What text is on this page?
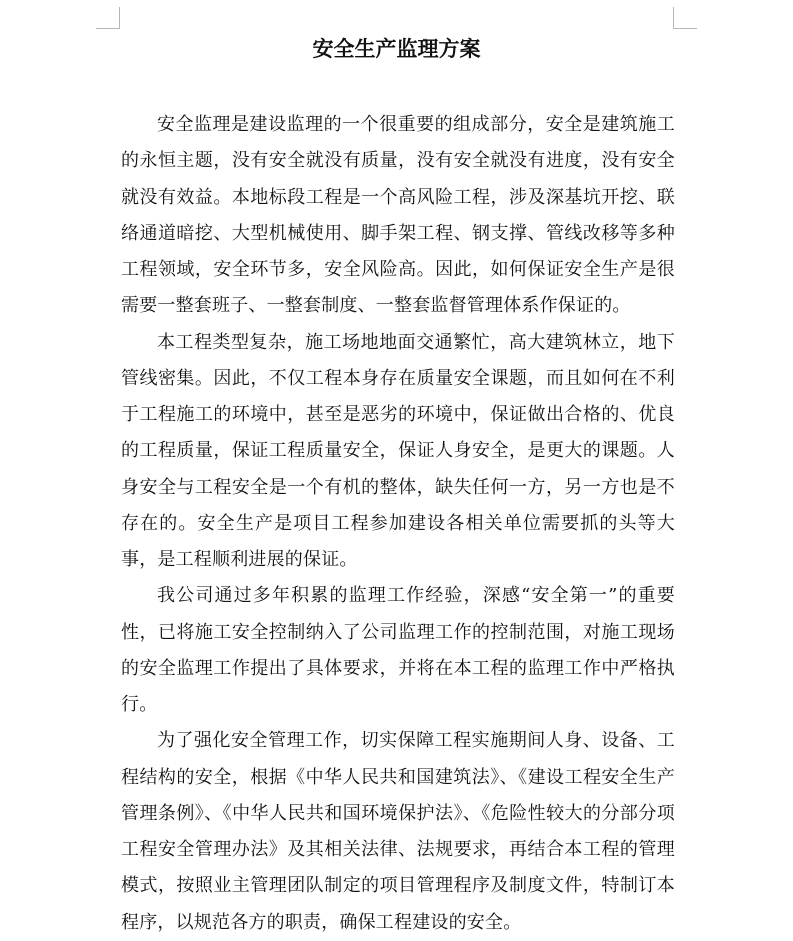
安全生产监理方案

安全监理是建设监理的一个很重要的组成部分，安全是建筑施工的永恒主题，没有安全就没有质量，没有安全就没有进度，没有安全就没有效益。本地标段工程是一个高风险工程，涉及深基坑开挖、联络通道暗挖、大型机械使用、脚手架工程、钢支撑、管线改移等多种工程领域，安全环节多，安全风险高。因此，如何保证安全生产是很需要一整套班子、一整套制度、一整套监督管理体系作保证的。

本工程类型复杂，施工场地地面交通繁忙，高大建筑林立，地下管线密集。因此，不仅工程本身存在质量安全课题，而且如何在不利于工程施工的环境中，甚至是恶劣的环境中，保证做出合格的、优良的工程质量，保证工程质量安全，保证人身安全，是更大的课题。人身安全与工程安全是一个有机的整体，缺失任何一方，另一方也是不存在的。安全生产是项目工程参加建设各相关单位需要抓的头等大事，是工程顺利进展的保证。

我公司通过多年积累的监理工作经验，深感“安全第一”的重要性，已将施工安全控制纳入了公司监理工作的控制范围，对施工现场的安全监理工作提出了具体要求，并将在本工程的监理工作中严格执行。

为了强化安全管理工作，切实保障工程实施期间人身、设备、工程结构的安全，根据《中华人民共和国建筑法》、《建设工程安全生产管理条例》、《中华人民共和国环境保护法》、《危险性较大的分部分项工程安全管理办法》及其相关法律、法规要求，再结合本工程的管理模式，按照业主管理团队制定的项目管理程序及制度文件，特制订本程序，以规范各方的职责，确保工程建设的安全。
